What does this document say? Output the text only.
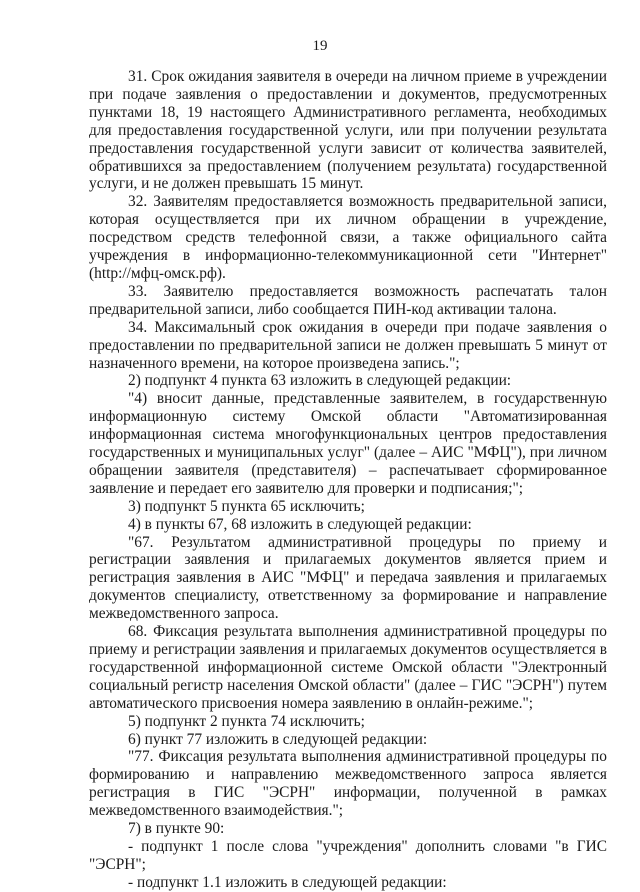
19

31. Срок ожидания заявителя в очереди на личном приеме в учреждении при подаче заявления о предоставлении и документов, предусмотренных пунктами 18, 19 настоящего Административного регламента, необходимых для предоставления государственной услуги, или при получении результата предоставления государственной услуги зависит от количества заявителей, обратившихся за предоставлением (получением результата) государственной услуги, и не должен превышать 15 минут.

32. Заявителям предоставляется возможность предварительной записи, которая осуществляется при их личном обращении в учреждение, посредством средств телефонной связи, а также официального сайта учреждения в информационно-телекоммуникационной сети "Интернет" (http://мфц-омск.рф).

33. Заявителю предоставляется возможность распечатать талон предварительной записи, либо сообщается ПИН-код активации талона.

34. Максимальный срок ожидания в очереди при подаче заявления о предоставлении по предварительной записи не должен превышать 5 минут от назначенного времени, на которое произведена запись.";

2) подпункт 4 пункта 63 изложить в следующей редакции:

"4) вносит данные, представленные заявителем, в государственную информационную систему Омской области "Автоматизированная информационная система многофункциональных центров предоставления государственных и муниципальных услуг" (далее – АИС "МФЦ"), при личном обращении заявителя (представителя) – распечатывает сформированное заявление и передает его заявителю для проверки и подписания;";

3) подпункт 5 пункта 65 исключить;

4) в пункты 67, 68 изложить в следующей редакции:

"67. Результатом административной процедуры по приему и регистрации заявления и прилагаемых документов является прием и регистрация заявления в АИС "МФЦ" и передача заявления и прилагаемых документов специалисту, ответственному за формирование и направление межведомственного запроса.

68. Фиксация результата выполнения административной процедуры по приему и регистрации заявления и прилагаемых документов осуществляется в государственной информационной системе Омской области "Электронный социальный регистр населения Омской области" (далее – ГИС "ЭСРН") путем автоматического присвоения номера заявлению в онлайн-режиме.";

5) подпункт 2 пункта 74 исключить;

6) пункт 77 изложить в следующей редакции:

"77. Фиксация результата выполнения административной процедуры по формированию и направлению межведомственного запроса является регистрация в ГИС "ЭСРН" информации, полученной в рамках межведомственного взаимодействия.";

7) в пункте 90:

- подпункт 1 после слова "учреждения" дополнить словами "в ГИС "ЭСРН";

- подпункт 1.1 изложить в следующей редакции:
